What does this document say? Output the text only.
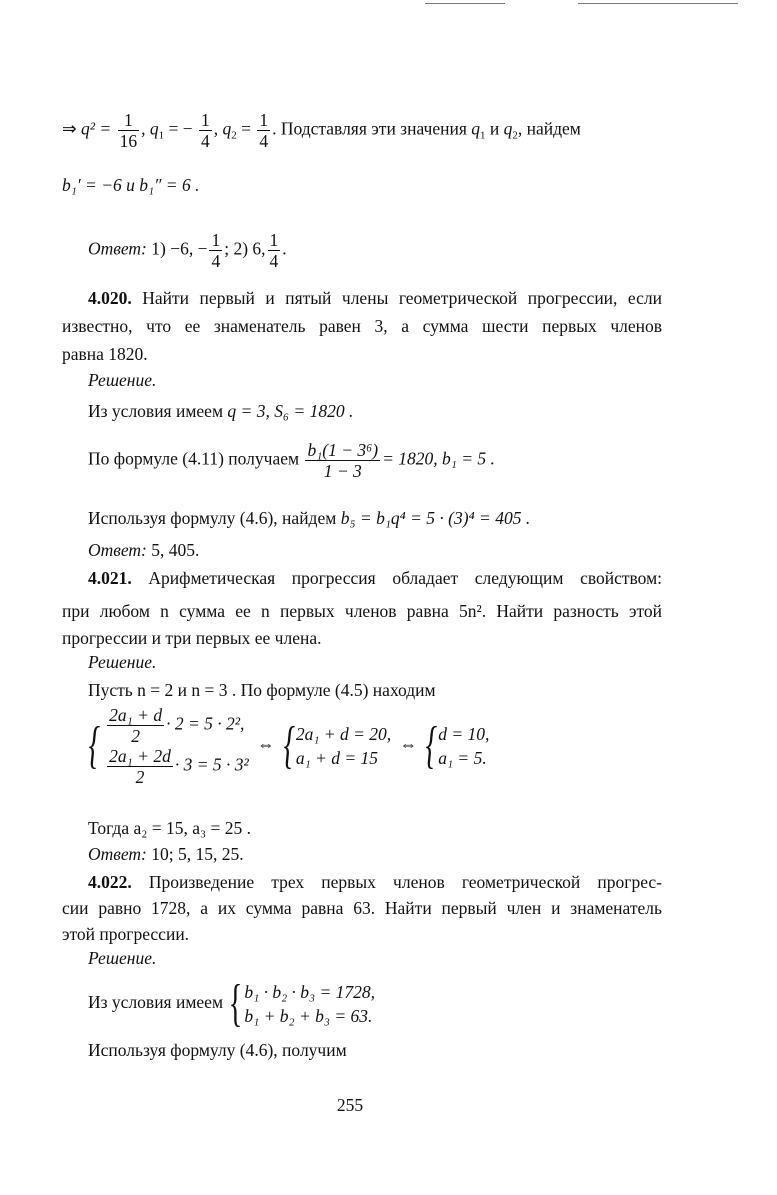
⇒ $q^2 = \frac{1}{16}$ , $q_1$ = − $\frac{1}{4}$ , $q_2 = \frac{1}{4}$ . Подставляя эти значения $q_1$ и $q_2$, найдем
b₁′ = −6 и b₁″ = 6 .
Ответ: 1) −6, − $\frac{1}{4}$ ; 2) 6, $\frac{1}{4}$ .
4.020. Найти первый и пятый члены геометрической прогрессии, если
известно, что ее знаменатель равен 3, а сумма шести первых членов
равна 1820.
Решение.
Из условия имеем q = 3, S₆ = 1820 .
По формуле (4.11) получаем $\frac{\text{b₁(1 − 3⁶)}}{1 - 3} = 1820$, b₁ = 5 .
Используя формулу (4.6), найдем b₅ = b₁q⁴ = 5 · (3)⁴ = 405 .
Ответ: 5, 405.
4.021. Арифметическая прогрессия обладает следующим свойством:
при любом n сумма ее n первых членов равна 5n². Найти разность этой
прогрессии и три первых ее члена.
Решение.
Пусть n = 2 и n = 3 . По формуле (4.5) находим
{ $\frac{\text{2a₁ + d}}{2} \cdot 2 = 5 \cdot 2^2$,
$\frac{\text{2a₁ + 2d}}{2} \cdot 3 = 5 \cdot 3^2$
⇔ { 2a₁ + d = 20,
a₁ + d = 15
⇔ { d = 10,
a₁ = 5.
Тогда a₂ = 15, a₃ = 25 .
Ответ: 10; 5, 15, 25.
4.022. Произведение трех первых членов геометрической прогрес-
сии равно 1728, а их сумма равна 63. Найти первый член и знаменатель
этой прогрессии.
Решение.
Из условия имеем { b₁ · b₂ · b₃ = 1728,
b₁ + b₂ + b₃ = 63.
Используя формулу (4.6), получим
255
